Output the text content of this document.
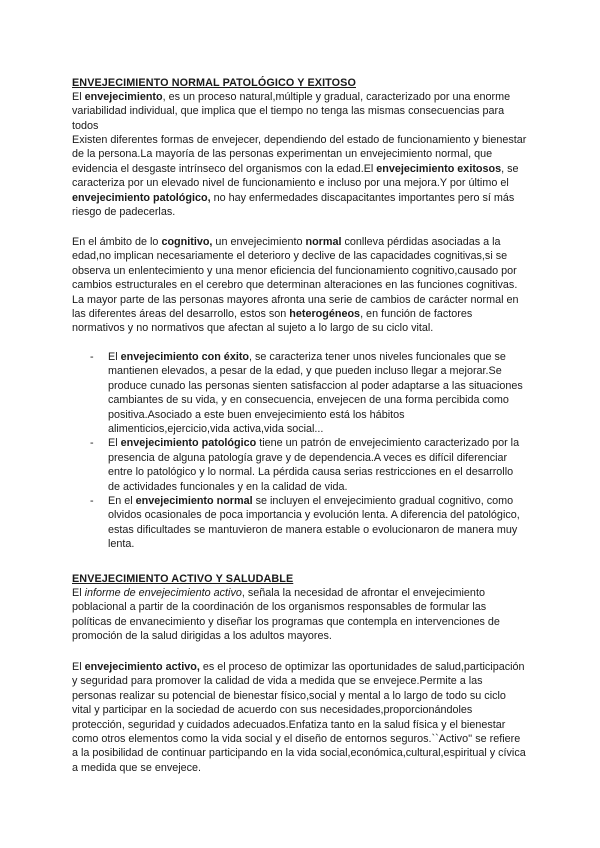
ENVEJECIMIENTO NORMAL PATOLÓGICO Y EXITOSO

El envejecimiento, es un proceso natural,múltiple y gradual, caracterizado por una enorme variabilidad individual, que implica que el tiempo no tenga las mismas consecuencias para todos

Existen diferentes formas de envejecer, dependiendo del estado de funcionamiento y bienestar de la persona.La mayoría de las personas experimentan un envejecimiento normal, que evidencia el desgaste intrínseco del organismos con la edad.El envejecimiento exitosos, se caracteriza por un elevado nivel de funcionamiento e incluso por una mejora.Y por último el envejecimiento patológico, no hay enfermedades discapacitantes importantes pero sí más riesgo de padecerlas.

En el ámbito de lo cognitivo, un envejecimiento normal conlleva pérdidas asociadas a la edad,no implican necesariamente el deterioro y declive de las capacidades cognitivas,si se observa un enlentecimiento y una menor eficiencia del funcionamiento cognitivo,causado por cambios estructurales en el cerebro que determinan alteraciones en las funciones cognitivas. La mayor parte de las personas mayores afronta una serie de cambios de carácter normal en las diferentes áreas del desarrollo, estos son heterogéneos, en función de factores normativos y no normativos que afectan al sujeto a lo largo de su ciclo vital.

- El envejecimiento con éxito, se caracteriza tener unos niveles funcionales que se mantienen elevados, a pesar de la edad, y que pueden incluso llegar a mejorar.Se produce cunado las personas sienten satisfaccion al poder adaptarse a las situaciones cambiantes de su vida, y en consecuencia, envejecen de una forma percibida como positiva.Asociado a este buen envejecimiento está los hábitos alimenticios,ejercicio,vida activa,vida social...
- El envejecimiento patológico tiene un patrón de envejecimiento caracterizado por la presencia de alguna patología grave y de dependencia.A veces es difícil diferenciar entre lo patológico y lo normal. La pérdida causa serias restricciones en el desarrollo de actividades funcionales y en la calidad de vida.
- En el envejecimiento normal se incluyen el envejecimiento gradual cognitivo, como olvidos ocasionales de poca importancia y evolución lenta. A diferencia del patológico, estas dificultades se mantuvieron de manera estable o evolucionaron de manera muy lenta.
ENVEJECIMIENTO ACTIVO Y SALUDABLE

El informe de envejecimiento activo, señala la necesidad de afrontar el envejecimiento poblacional a partir de la coordinación de los organismos responsables de formular las políticas de envanecimiento y diseñar los programas que contempla en intervenciones de promoción de la salud dirigidas a los adultos mayores.

El envejecimiento activo, es el proceso de optimizar las oportunidades de salud,participación y seguridad para promover la calidad de vida a medida que se envejece.Permite a las personas realizar su potencial de bienestar físico,social y mental a lo largo de todo su ciclo vital y participar en la sociedad de acuerdo con sus necesidades,proporcionándoles protección, seguridad y cuidados adecuados.Enfatiza tanto en la salud física y el bienestar como otros elementos como la vida social y el diseño de entornos seguros.``Activo'' se refiere a la posibilidad de continuar participando en la vida social,económica,cultural,espiritual y cívica a medida que se envejece.
